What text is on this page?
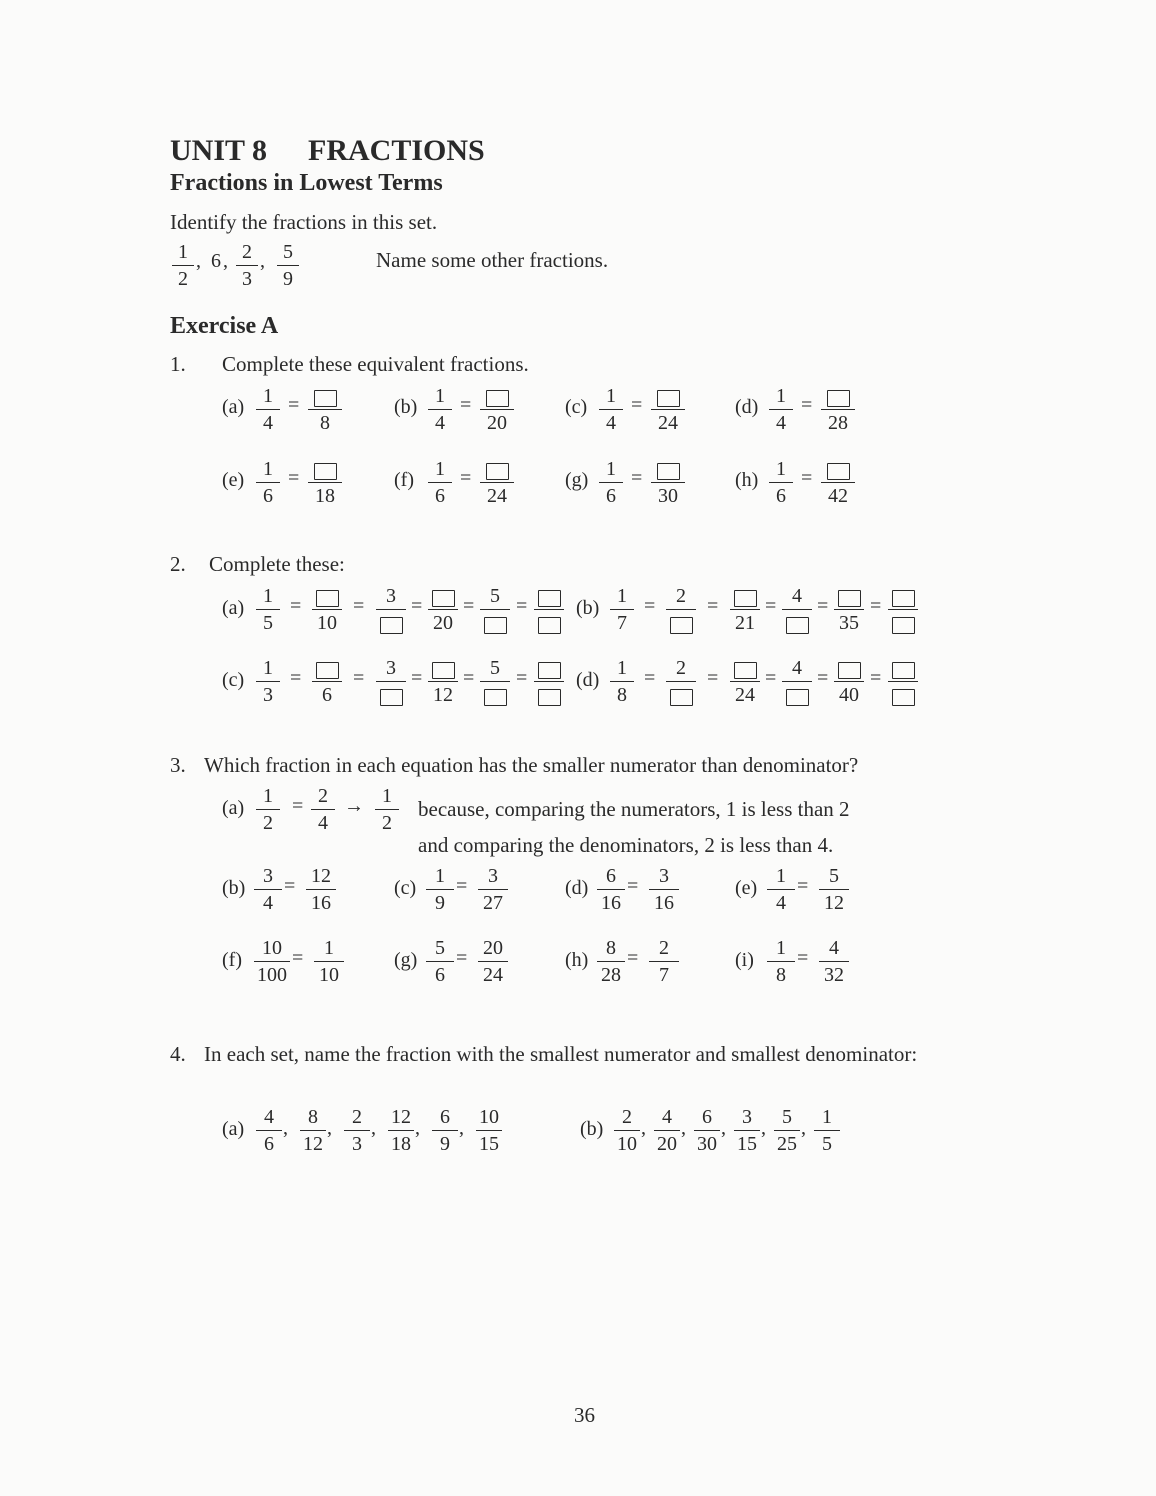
UNIT 8 FRACTIONS
Fractions in Lowest Terms
Identify the fractions in this set.
1
2
, 6 , 2
3
, 5
9
Name some other fractions.
Exercise A
1. Complete these equivalent fractions.
(a) 1
4
=
8
(b) 1
4
=
20
(c) 1
4
=
24
(d) 1
4
=
28
(e) 1
6
=
18
(f) 1
6
=
24
(g) 1
6
=
30
(h) 1
6
=
42
2. Complete these:
(a)
1
5
=
10
= 3 =
20
= 5 = (b)
1
7
= 2 =
21
= 4 =
35
=
(c)
1
3
=
6
= 3 =
12
= 5 = (d)
1
8
= 2 =
24
= 4 =
40
=
3. Which fraction in each equation has the smaller numerator than denominator?
(a)
1
2
= 2
4
→ 1
2
(b)
3
4
= 12
16
(c)
1
9
= 3
27
(d)
6
16
= 3
16
(e)
1
4
= 5
12
(f)
10
100
= 1
10
(g)
5
6
= 20
24
(h)
8
28
= 2
7
(i)
1
8
= 4
32
because, comparing the numerators, 1 is less than 2
and comparing the denominators, 2 is less than 4.
4. In each set, name the fraction with the smallest numerator and smallest denominator:
(a)
4
6
, 8
12
, 2
3
, 12
18
, 6
9
, 10
15
(b)
2
10
, 4
20
, 6
30
, 3
15
, 5
25
, 1
5
36
